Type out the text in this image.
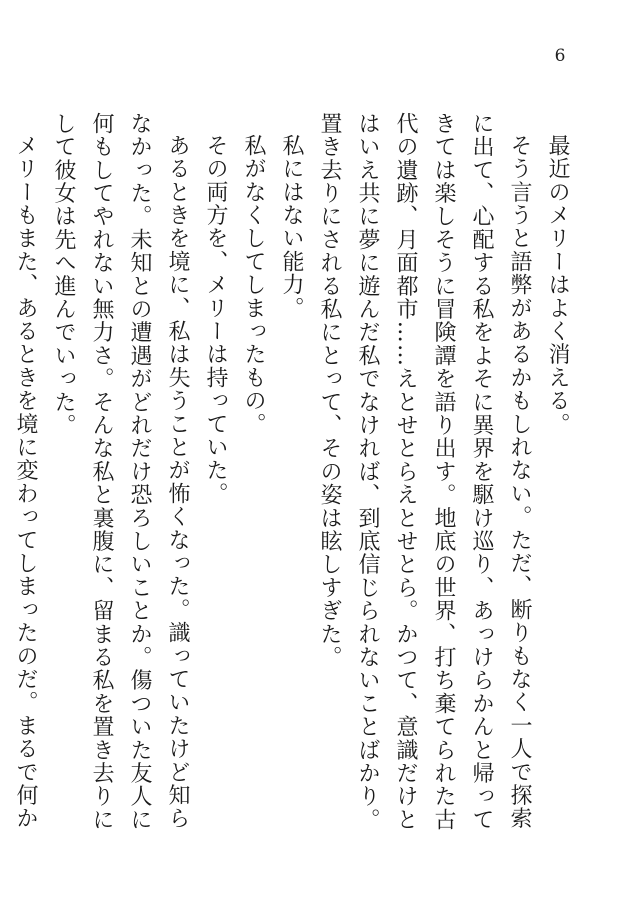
6

最近のメリーはよく消える。

そう言うと語弊があるかもしれない。ただ、断りもなく一人で探索に出て、心配する私をよそに異界を駆け巡り、あっけらかんと帰ってきては楽しそうに冒険譚を語り出す。地底の世界、打ち棄てられた古代の遺跡、月面都市……えとせとらえとせとら。かつて、意識だけとはいえ共に夢に遊んだ私でなければ、到底信じられないことばかり。置き去りにされる私にとって、その姿は眩しすぎた。

私にはない能力。

私がなくしてしまったもの。

その両方を、メリーは持っていた。

あるときを境に、私は失うことが怖くなった。識っていたけど知らなかった。未知との遭遇がどれだけ恐ろしいことか。傷ついた友人に何もしてやれない無力さ。そんな私と裏腹に、留まる私を置き去りにして彼女は先へ進んでいった。

メリーもまた、あるときを境に変わってしまったのだ。まるで何か
